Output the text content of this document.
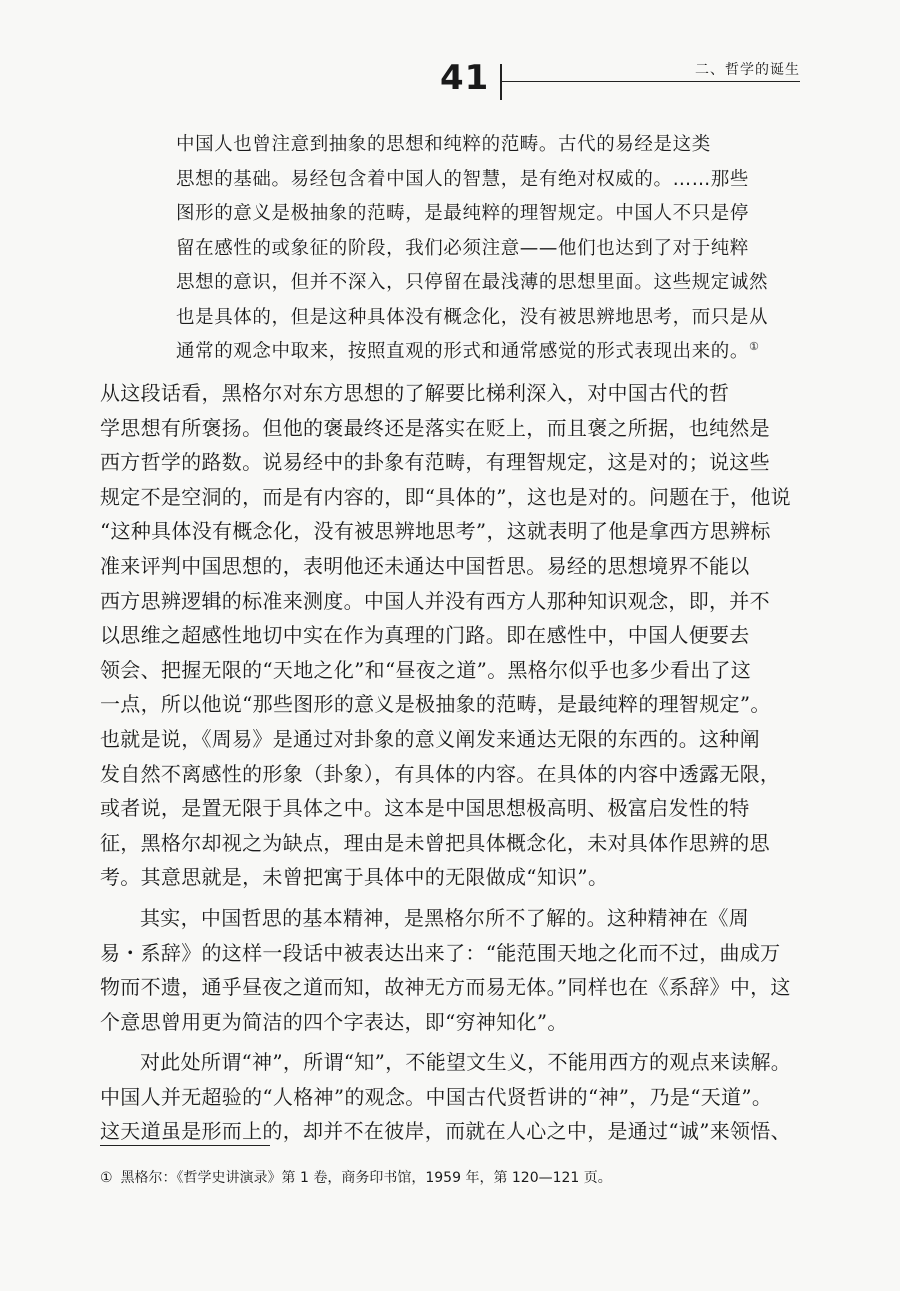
41	二、哲学的诞生
中国人也曾注意到抽象的思想和纯粹的范畴。古代的易经是这类
思想的基础。易经包含着中国人的智慧，是有绝对权威的。……那些
图形的意义是极抽象的范畴，是最纯粹的理智规定。中国人不只是停
留在感性的或象征的阶段，我们必须注意——他们也达到了对于纯粹
思想的意识，但并不深入，只停留在最浅薄的思想里面。这些规定诚然
也是具体的，但是这种具体没有概念化，没有被思辨地思考，而只是从
通常的观念中取来，按照直观的形式和通常感觉的形式表现出来的。①
从这段话看，黑格尔对东方思想的了解要比梯利深入，对中国古代的哲
学思想有所褒扬。但他的褒最终还是落实在贬上，而且褒之所据，也纯然是
西方哲学的路数。说易经中的卦象有范畴，有理智规定，这是对的；说这些
规定不是空洞的，而是有内容的，即“具体的”，这也是对的。问题在于，他说
“这种具体没有概念化，没有被思辨地思考”，这就表明了他是拿西方思辨标
准来评判中国思想的，表明他还未通达中国哲思。易经的思想境界不能以
西方思辨逻辑的标准来测度。中国人并没有西方人那种知识观念，即，并不
以思维之超感性地切中实在作为真理的门路。即在感性中，中国人便要去
领会、把握无限的“天地之化”和“昼夜之道”。黑格尔似乎也多少看出了这
一点，所以他说“那些图形的意义是极抽象的范畴，是最纯粹的理智规定”。
也就是说，《周易》是通过对卦象的意义阐发来通达无限的东西的。这种阐
发自然不离感性的形象（卦象），有具体的内容。在具体的内容中透露无限，
或者说，是置无限于具体之中。这本是中国思想极高明、极富启发性的特
征，黑格尔却视之为缺点，理由是未曾把具体概念化，未对具体作思辨的思
考。其意思就是，未曾把寓于具体中的无限做成“知识”。
其实，中国哲思的基本精神，是黑格尔所不了解的。这种精神在《周
易・系辞》的这样一段话中被表达出来了：“能范围天地之化而不过，曲成万
物而不遗，通乎昼夜之道而知，故神无方而易无体。”同样也在《系辞》中，这
个意思曾用更为简洁的四个字表达，即“穷神知化”。
对此处所谓“神”，所谓“知”，不能望文生义，不能用西方的观点来读解。
中国人并无超验的“人格神”的观念。中国古代贤哲讲的“神”，乃是“天道”。
这天道虽是形而上的，却并不在彼岸，而就在人心之中，是通过“诚”来领悟、
① 黑格尔：《哲学史讲演录》第 1 卷，商务印书馆，1959 年，第 120—121 页。
